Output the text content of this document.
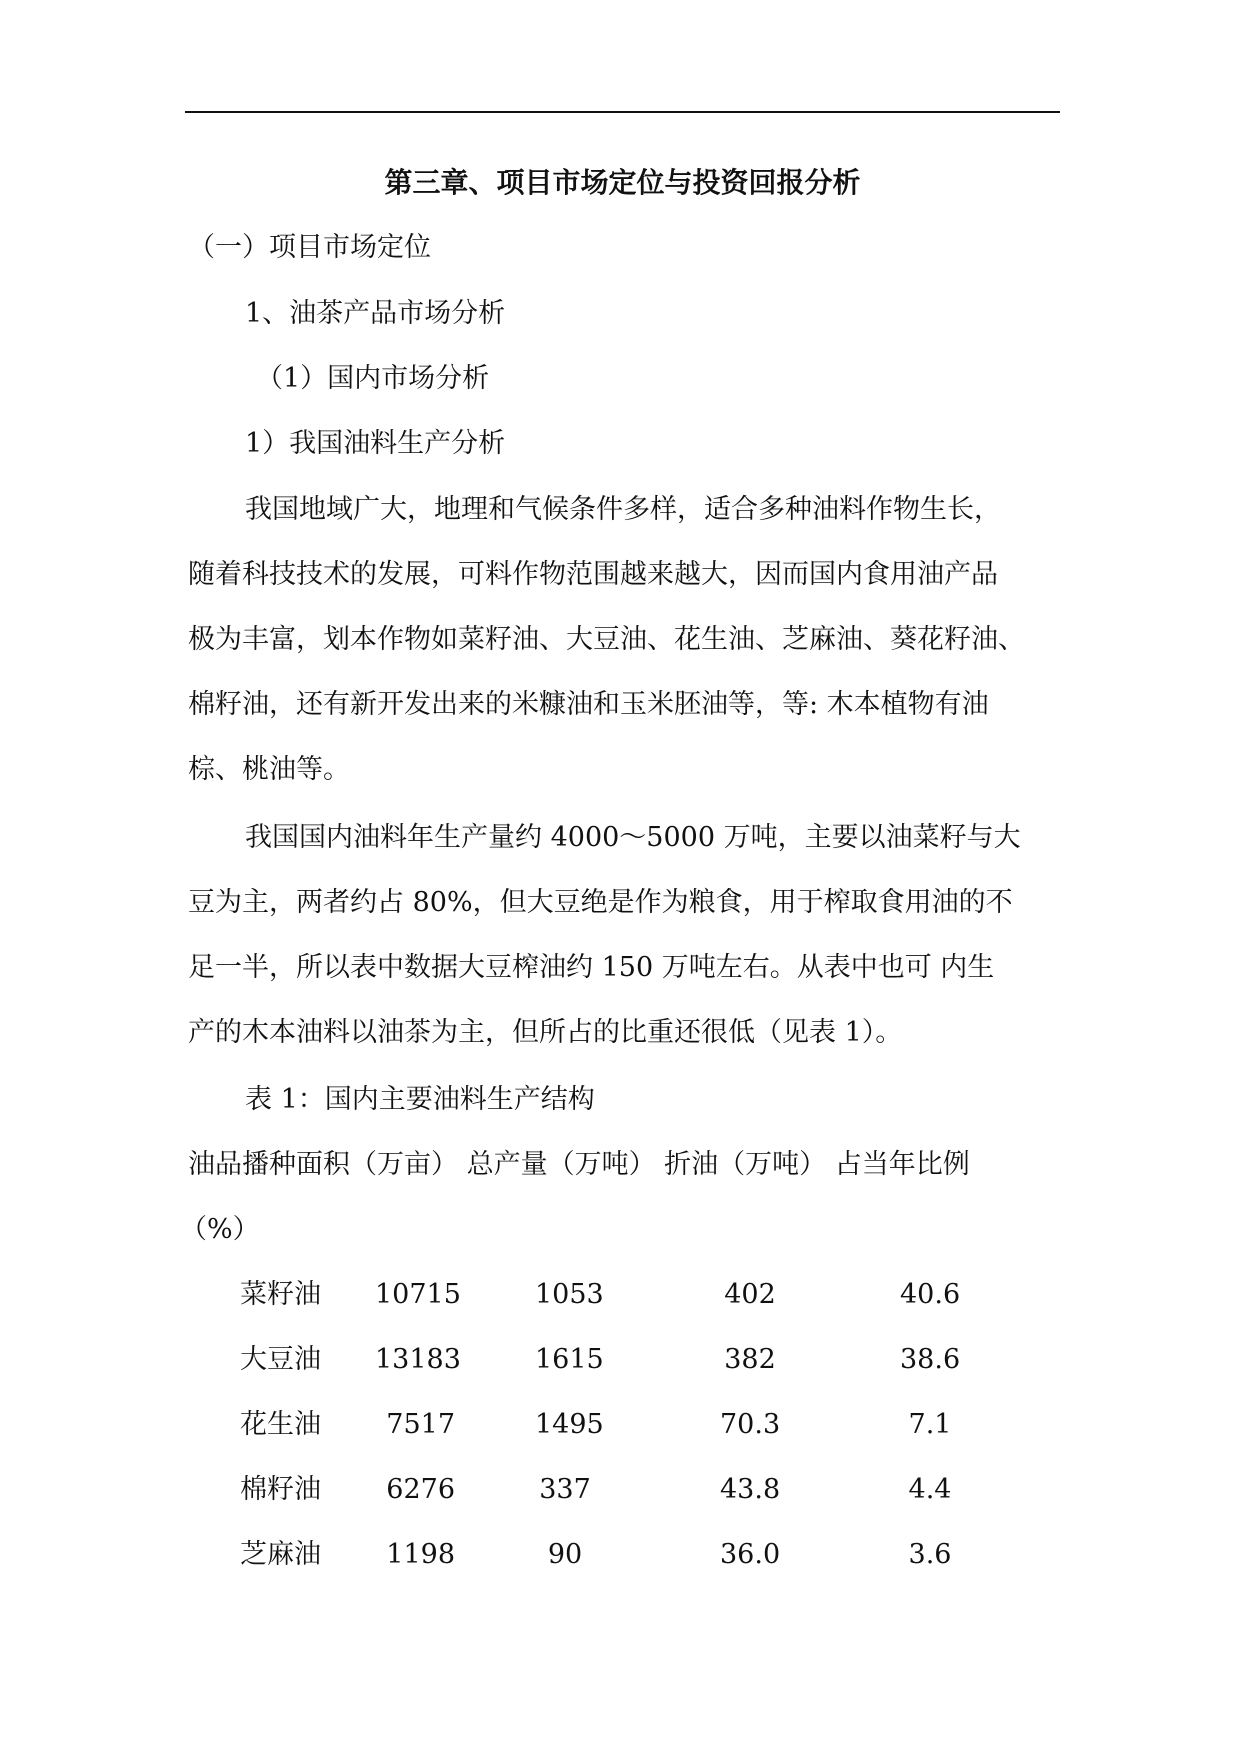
第三章、项目市场定位与投资回报分析
（一）项目市场定位
1、油茶产品市场分析
（1）国内市场分析
1）我国油料生产分析
我国地域广大，地理和气候条件多样，适合多种油料作物生长，
随着科技技术的发展，可料作物范围越来越大，因而国内食用油产品
极为丰富，划本作物如菜籽油、大豆油、花生油、芝麻油、葵花籽油、
棉籽油，还有新开发出来的米糠油和玉米胚油等，等: 木本植物有油
棕、桃油等。
我国国内油料年生产量约 4000～5000 万吨，主要以油菜籽与大
豆为主，两者约占 80%，但大豆绝是作为粮食，用于榨取食用油的不
足一半，所以表中数据大豆榨油约 150 万吨左右。从表中也可 内生
产的木本油料以油茶为主，但所占的比重还很低（见表 1）。
表 1：国内主要油料生产结构
油品播种面积（万亩） 总产量（万吨） 折油（万吨） 占当年比例
（%）
菜籽油 10715	1053	402	40.6
大豆油 13183	1615	382	38.6
花生油	7517	1495	70.3	7.1
棉籽油	6276	337	43.8	4.4
芝麻油	1198	90	36.0	3.6
